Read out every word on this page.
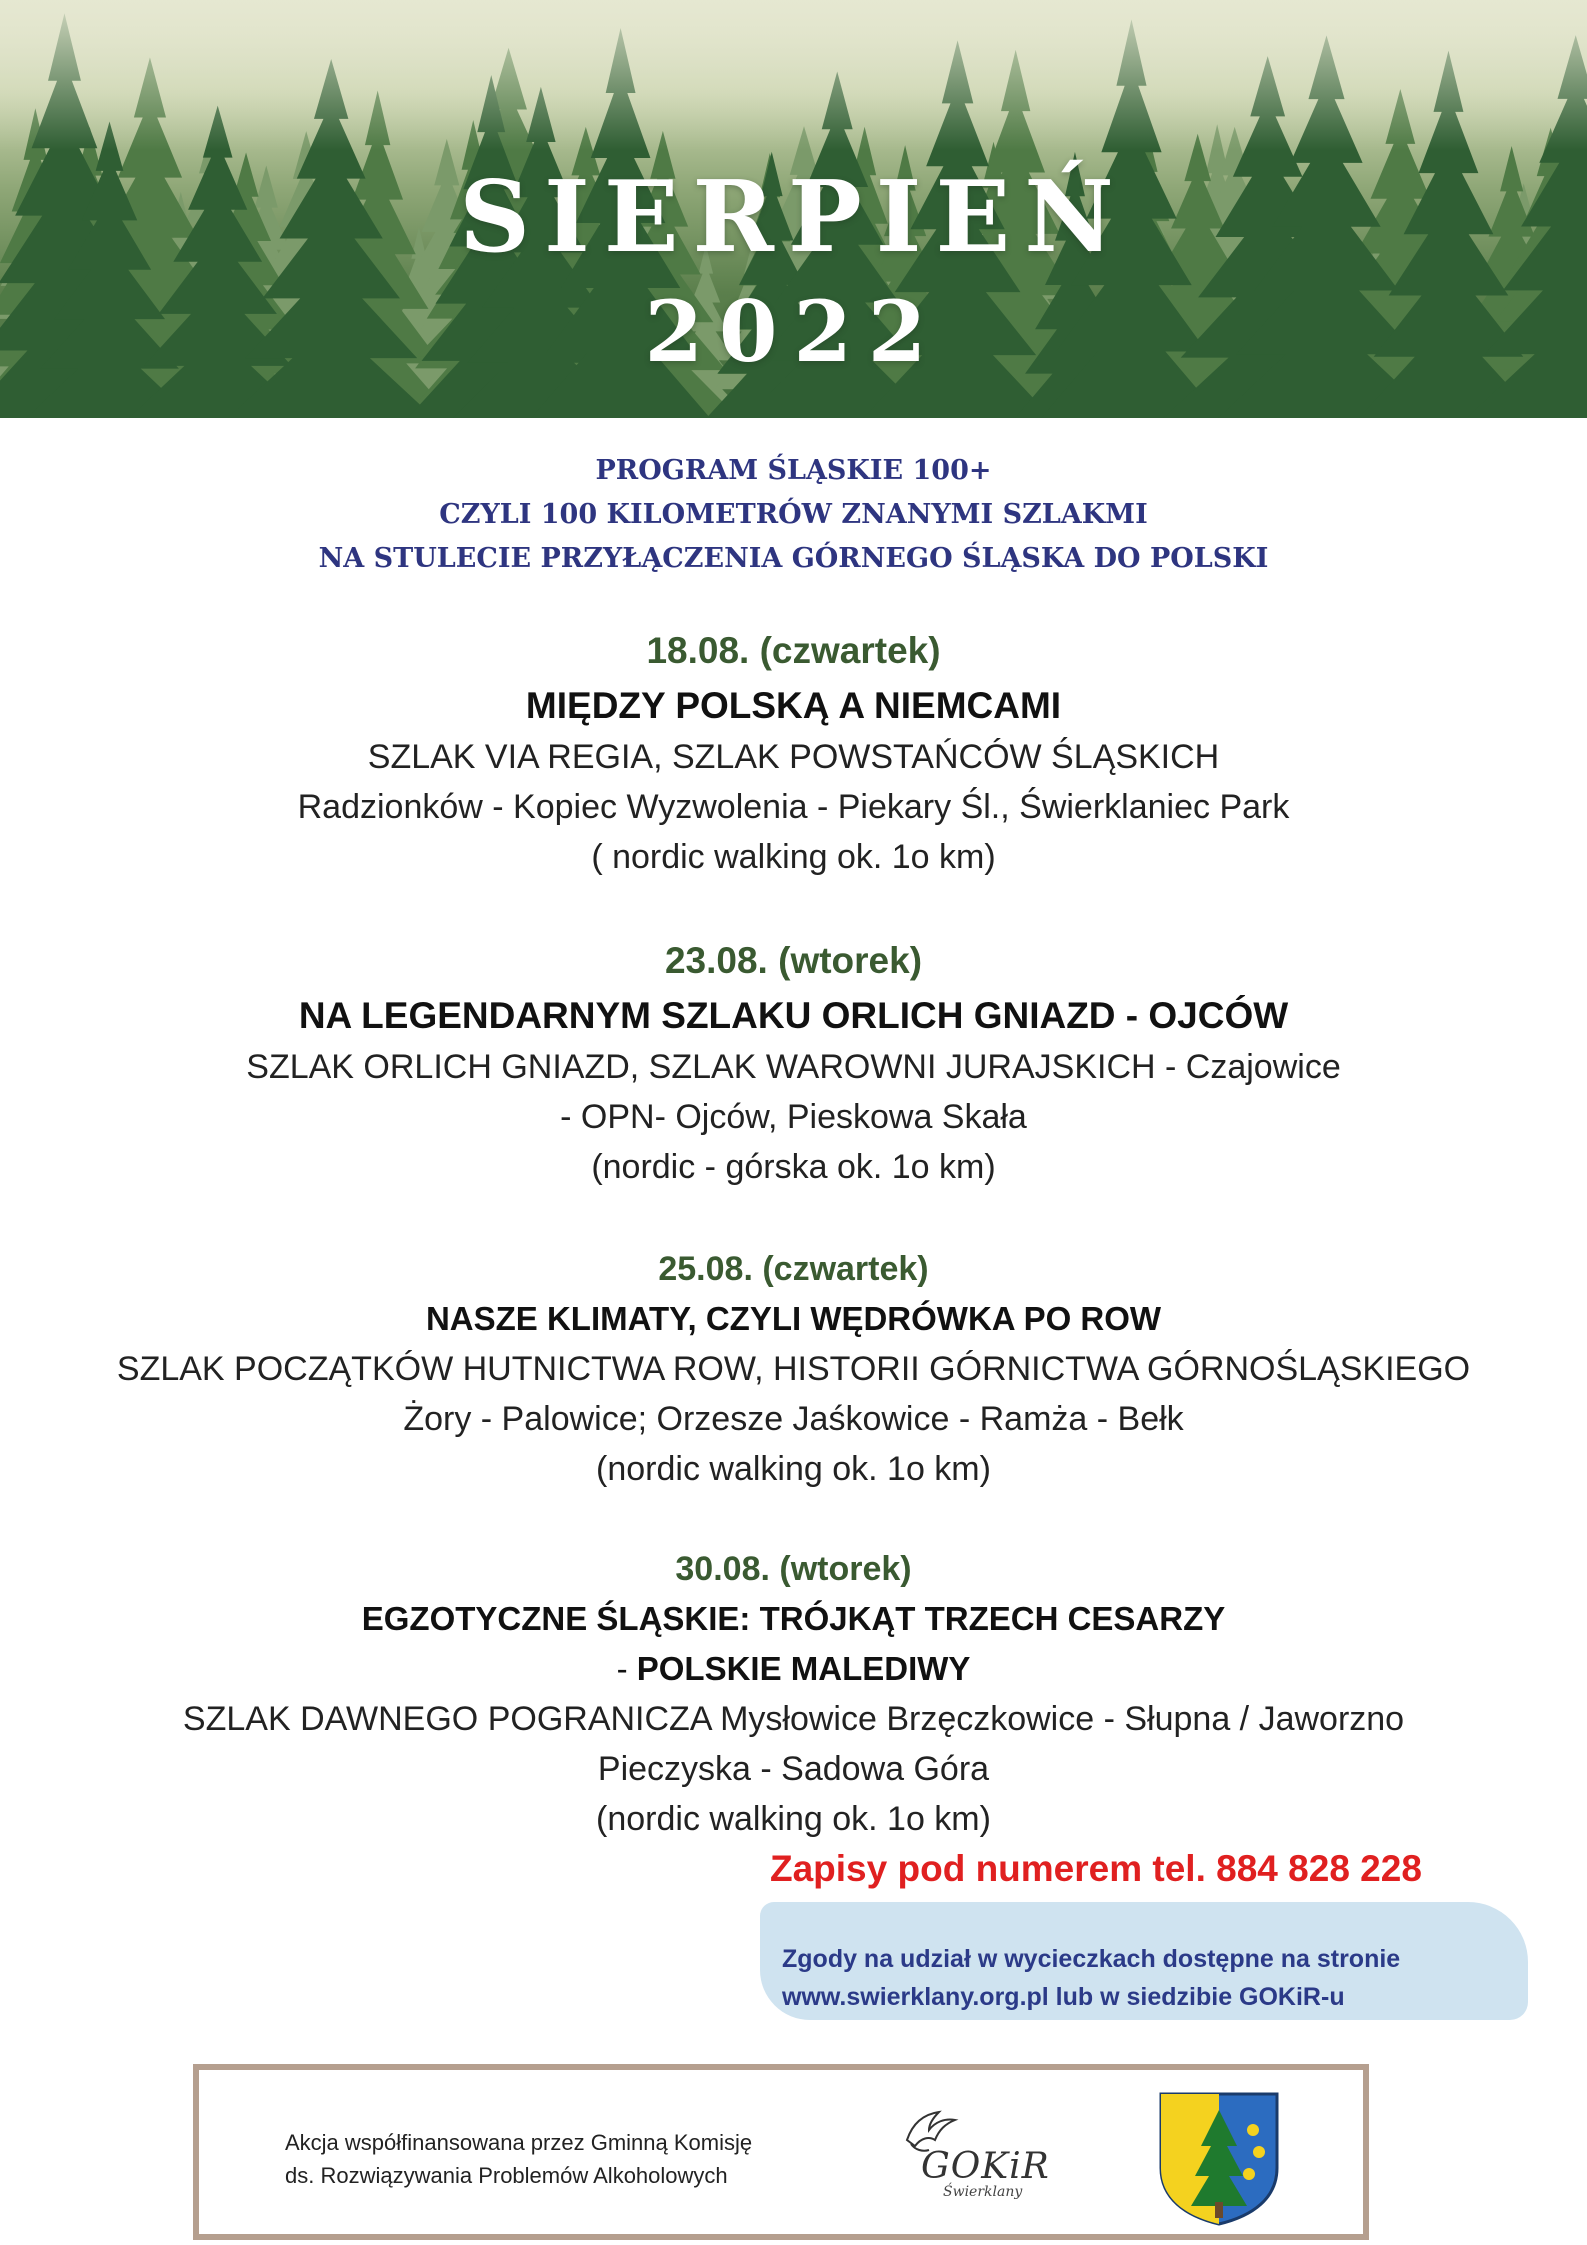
SIERPIEŃ
2022
PROGRAM ŚLĄSKIE 100+
CZYLI 100 KILOMETRÓW ZNANYMI SZLAKMI
NA STULECIE PRZYŁĄCZENIA GÓRNEGO ŚLĄSKA DO POLSKI
18.08. (czwartek)
MIĘDZY POLSKĄ A NIEMCAMI
SZLAK VIA REGIA, SZLAK POWSTAŃCÓW ŚLĄSKICH
Radzionków - Kopiec Wyzwolenia - Piekary Śl., Świerklaniec Park
( nordic walking ok. 1o km)
23.08. (wtorek)
NA LEGENDARNYM SZLAKU ORLICH GNIAZD - OJCÓW
SZLAK ORLICH GNIAZD, SZLAK WAROWNI JURAJSKICH - Czajowice
- OPN- Ojców, Pieskowa Skała
(nordic - górska ok. 1o km)
25.08. (czwartek)
NASZE KLIMATY, CZYLI WĘDRÓWKA PO ROW
SZLAK POCZĄTKÓW HUTNICTWA ROW, HISTORII GÓRNICTWA GÓRNOŚLĄSKIEGO
Żory - Palowice; Orzesze Jaśkowice - Ramża - Bełk
(nordic walking ok. 1o km)
30.08. (wtorek)
EGZOTYCZNE ŚLĄSKIE: TRÓJKĄT TRZECH CESARZY
- POLSKIE MALEDIWY
SZLAK DAWNEGO POGRANICZA Mysłowice Brzęczkowice - Słupna / Jaworzno
Pieczyska - Sadowa Góra
(nordic walking ok. 1o km)
Zapisy pod numerem tel. 884 828 228
Zgody na udział w wycieczkach dostępne na stronie
www.swierklany.org.pl lub w siedzibie GOKiR-u
Akcja współfinansowana przez Gminną Komisję
ds. Rozwiązywania Problemów Alkoholowych	GOKiR
Świerklany
